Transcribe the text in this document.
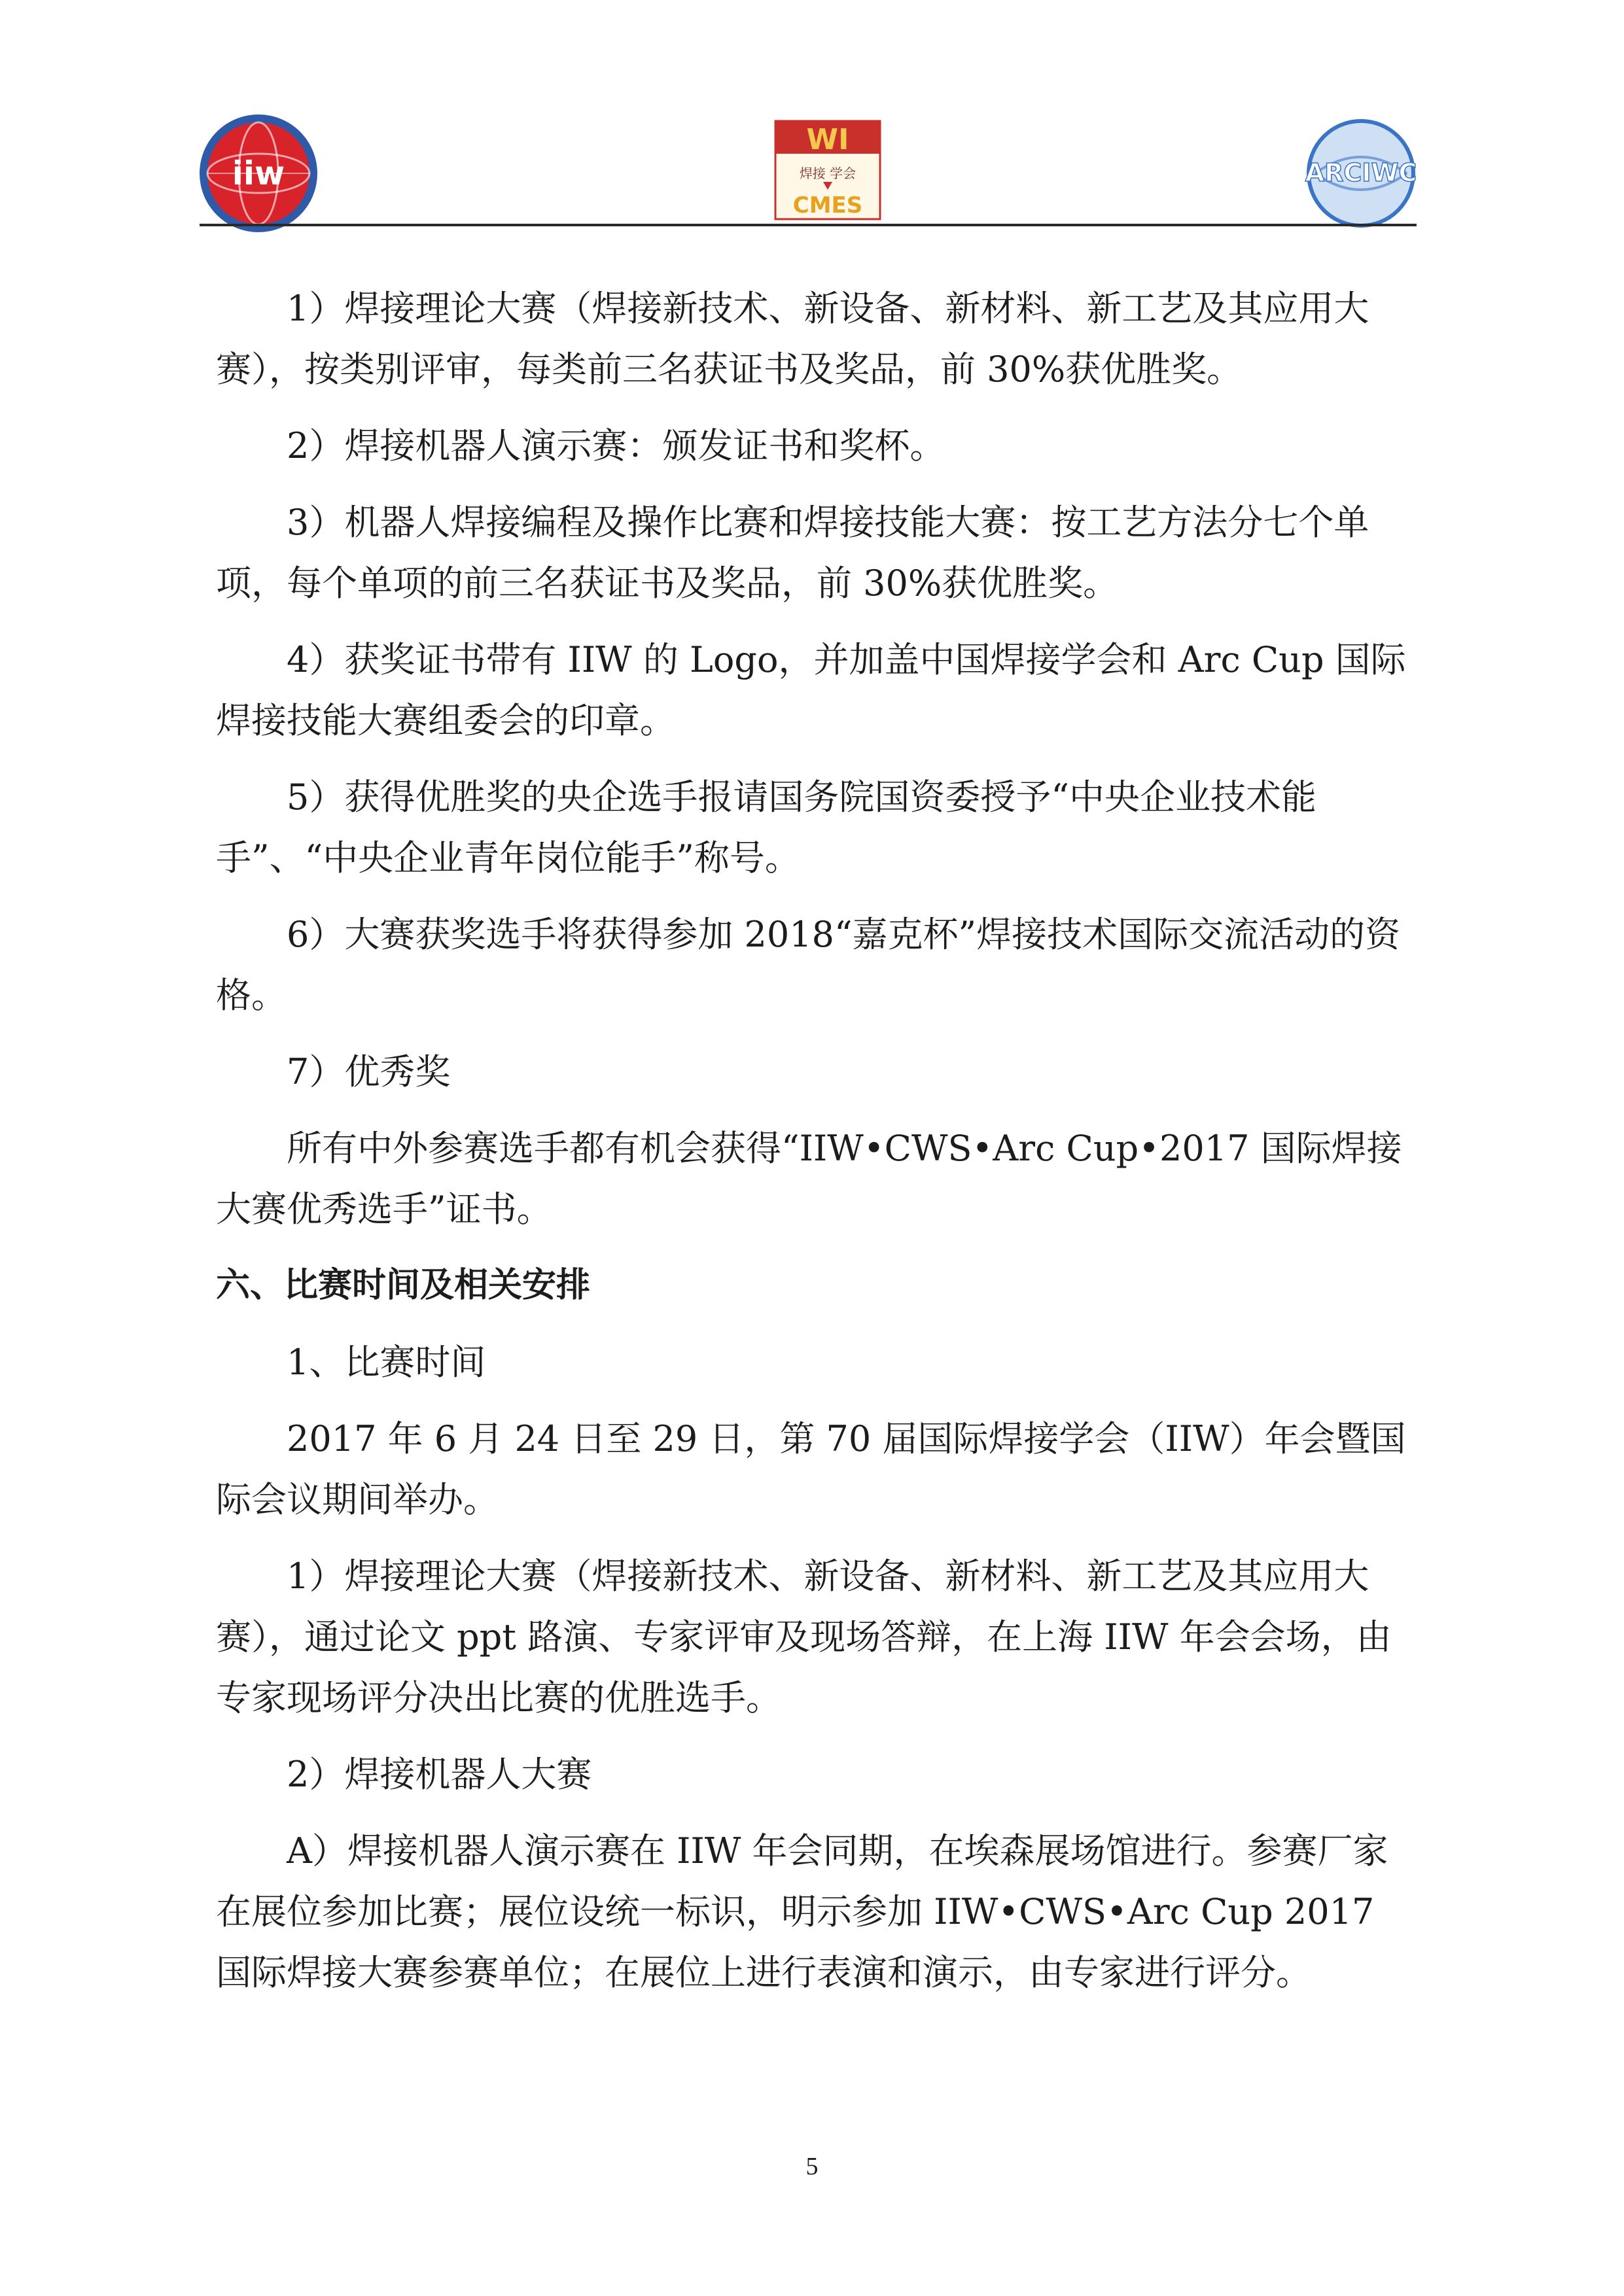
iiw
WI
焊接 学会
CMES
ARCIWC

1）焊接理论大赛（焊接新技术、新设备、新材料、新工艺及其应用大赛），按类别评审，每类前三名获证书及奖品，前 30%获优胜奖。

2）焊接机器人演示赛：颁发证书和奖杯。

3）机器人焊接编程及操作比赛和焊接技能大赛：按工艺方法分七个单项，每个单项的前三名获证书及奖品，前 30%获优胜奖。

4）获奖证书带有 IIW 的 Logo，并加盖中国焊接学会和 Arc Cup 国际焊接技能大赛组委会的印章。

5）获得优胜奖的央企选手报请国务院国资委授予“中央企业技术能手”、“中央企业青年岗位能手”称号。

6）大赛获奖选手将获得参加 2018“嘉克杯”焊接技术国际交流活动的资格。

7）优秀奖

所有中外参赛选手都有机会获得“IIW•CWS•Arc Cup•2017 国际焊接大赛优秀选手”证书。

六、比赛时间及相关安排

1、比赛时间

2017 年 6 月 24 日至 29 日，第 70 届国际焊接学会（IIW）年会暨国际会议期间举办。

1）焊接理论大赛（焊接新技术、新设备、新材料、新工艺及其应用大赛），通过论文 ppt 路演、专家评审及现场答辩，在上海 IIW 年会会场，由专家现场评分决出比赛的优胜选手。

2）焊接机器人大赛

A）焊接机器人演示赛在 IIW 年会同期，在埃森展场馆进行。参赛厂家在展位参加比赛；展位设统一标识，明示参加 IIW•CWS•Arc Cup 2017 国际焊接大赛参赛单位；在展位上进行表演和演示，由专家进行评分。

5
